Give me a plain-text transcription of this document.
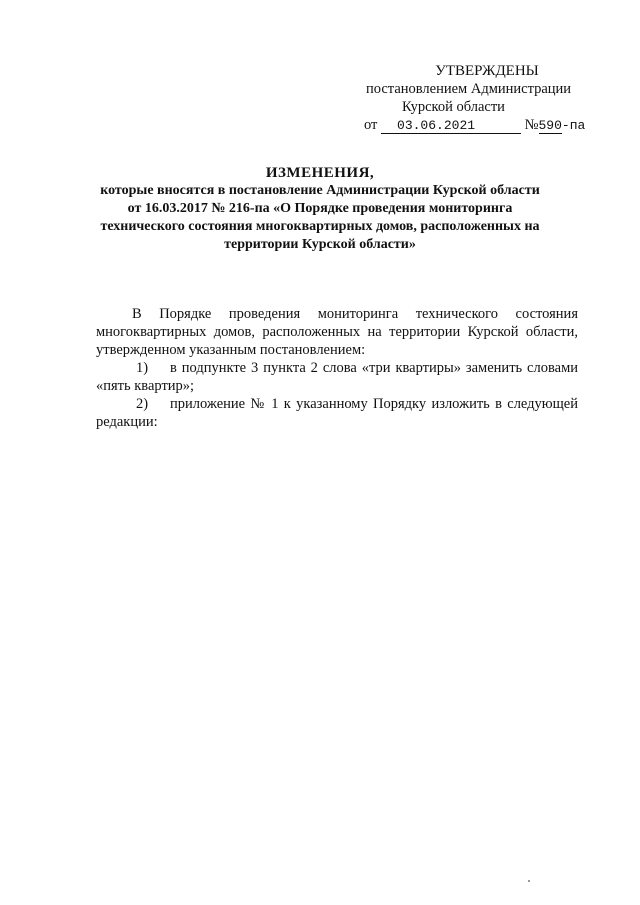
УТВЕРЖДЕНЫ
постановлением Администрации
Курской области
от 03.06.2021	№590-па
ИЗМЕНЕНИЯ,
которые вносятся в постановление Администрации Курской области
от 16.03.2017 № 216-па «О Порядке проведения мониторинга
технического состояния многоквартирных домов, расположенных на
территории Курской области»

В Порядке проведения мониторинга технического состояния многоквартирных домов, расположенных на территории Курской области, утвержденном указанным постановлением:

1) в подпункте 3 пункта 2 слова «три квартиры» заменить словами «пять квартир»;

2) приложение № 1 к указанному Порядку изложить в следующей редакции:
